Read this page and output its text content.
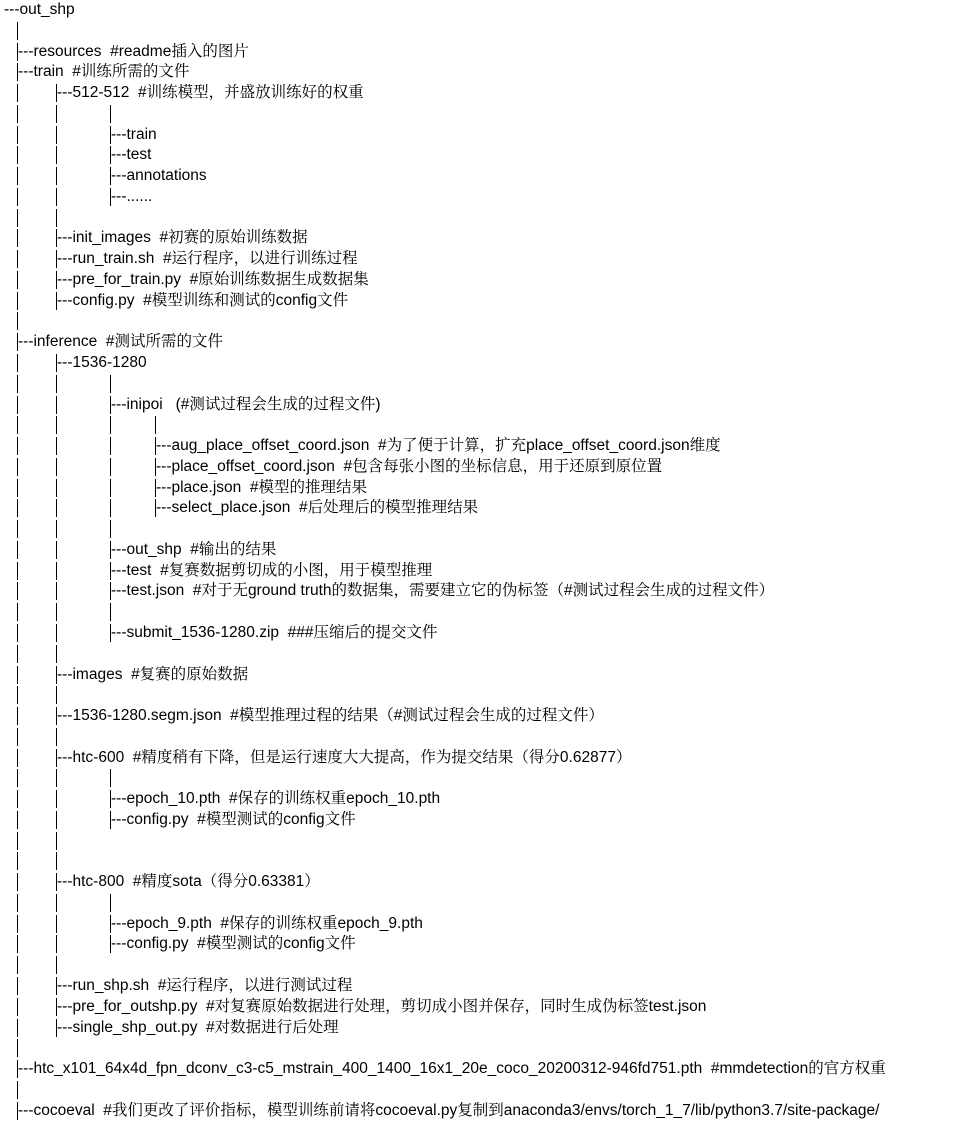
---out_shp
---resources  #readme插入的图片
---train  #训练所需的文件
---512-512  #训练模型，并盛放训练好的权重
---train
---test
---annotations
---......
---init_images  #初赛的原始训练数据
---run_train.sh  #运行程序，以进行训练过程
---pre_for_train.py  #原始训练数据生成数据集
---config.py  #模型训练和测试的config文件
---inference  #测试所需的文件
---1536-1280
---inipoi   (#测试过程会生成的过程文件)
---aug_place_offset_coord.json  #为了便于计算，扩充place_offset_coord.json维度
---place_offset_coord.json  #包含每张小图的坐标信息，用于还原到原位置
---place.json  #模型的推理结果
---select_place.json  #后处理后的模型推理结果
---out_shp  #输出的结果
---test  #复赛数据剪切成的小图，用于模型推理
---test.json  #对于无ground truth的数据集，需要建立它的伪标签（#测试过程会生成的过程文件）
---submit_1536-1280.zip  ###压缩后的提交文件
---images  #复赛的原始数据
---1536-1280.segm.json  #模型推理过程的结果（#测试过程会生成的过程文件）
---htc-600  #精度稍有下降，但是运行速度大大提高，作为提交结果（得分0.62877）
---epoch_10.pth  #保存的训练权重epoch_10.pth
---config.py  #模型测试的config文件
---htc-800  #精度sota（得分0.63381）
---epoch_9.pth  #保存的训练权重epoch_9.pth
---config.py  #模型测试的config文件
---run_shp.sh  #运行程序，以进行测试过程
---pre_for_outshp.py  #对复赛原始数据进行处理，剪切成小图并保存，同时生成伪标签test.json
---single_shp_out.py  #对数据进行后处理
---htc_x101_64x4d_fpn_dconv_c3-c5_mstrain_400_1400_16x1_20e_coco_20200312-946fd751.pth  #mmdetection的官方权重
---cocoeval  #我们更改了评价指标，模型训练前请将cocoeval.py复制到anaconda3/envs/torch_1_7/lib/python3.7/site-package/
